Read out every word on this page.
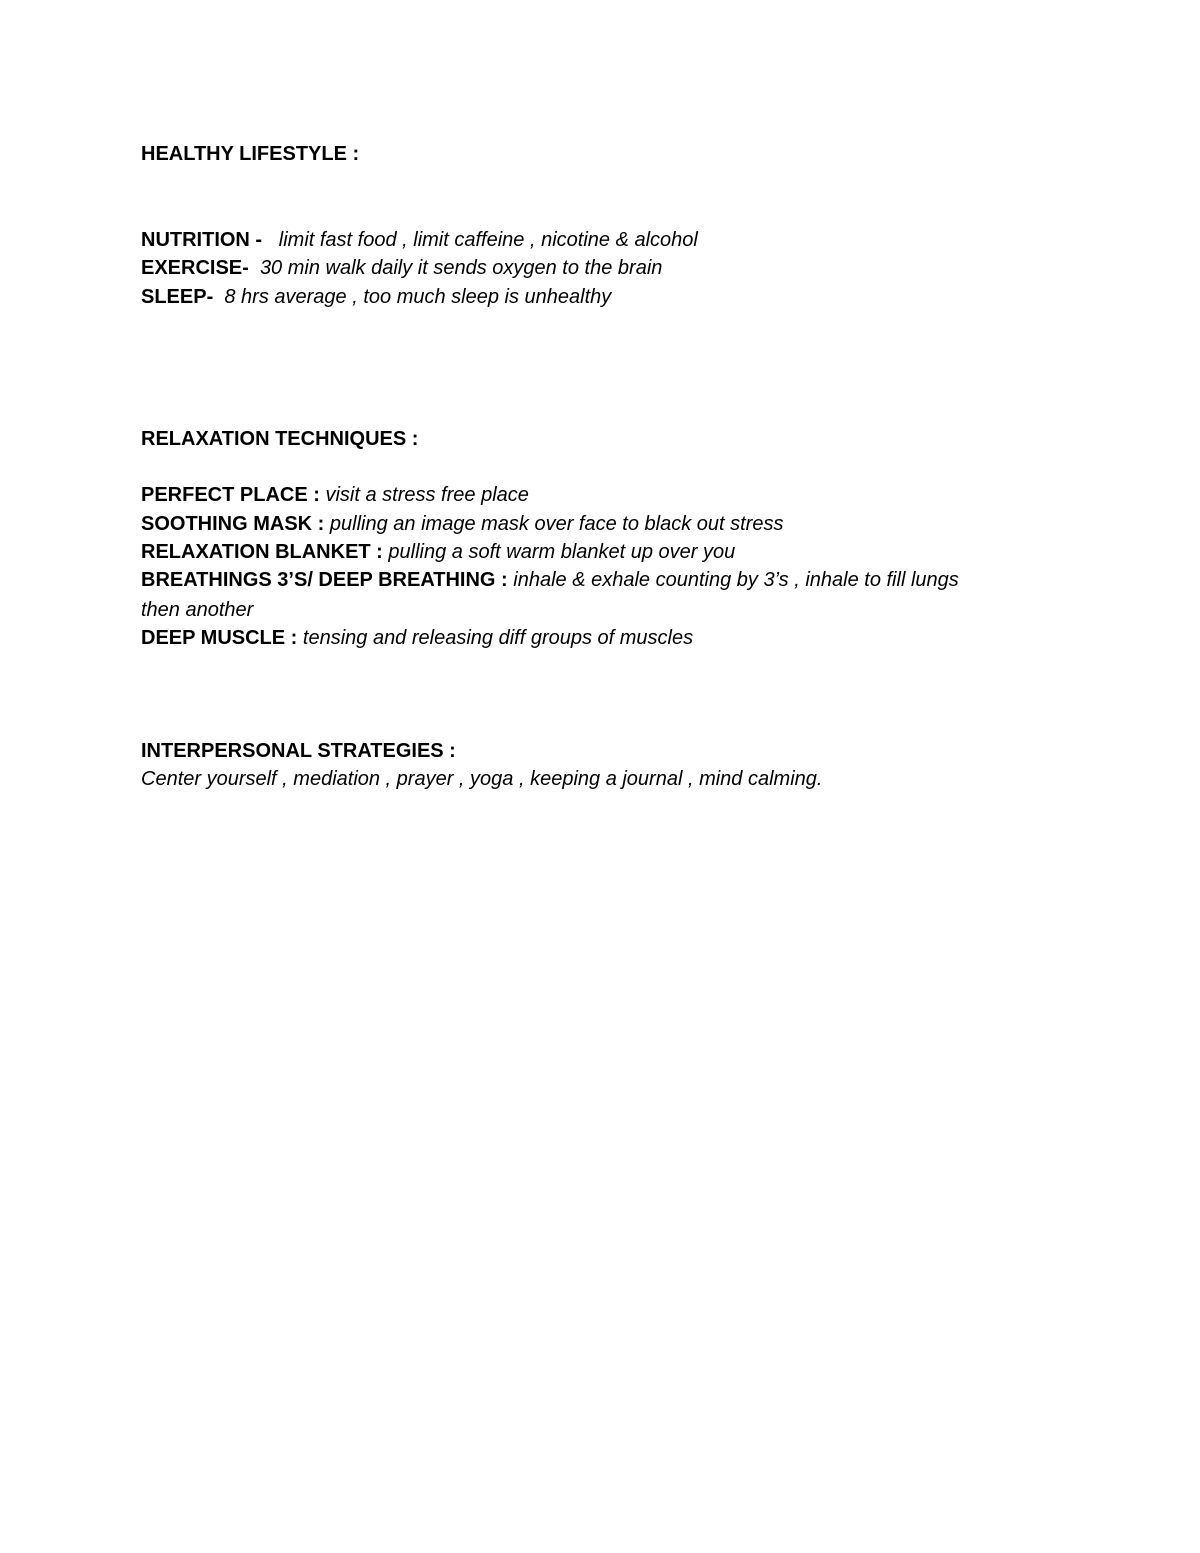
HEALTHY LIFESTYLE :
NUTRITION - limit fast food , limit caffeine , nicotine & alcohol
EXERCISE- 30 min walk daily it sends oxygen to the brain
SLEEP- 8 hrs average , too much sleep is unhealthy
RELAXATION TECHNIQUES :
PERFECT PLACE : visit a stress free place
SOOTHING MASK : pulling an image mask over face to black out stress
RELAXATION BLANKET : pulling a soft warm blanket up over you
BREATHINGS 3’S/ DEEP BREATHING : inhale & exhale counting by 3’s , inhale to fill lungs
then another
DEEP MUSCLE : tensing and releasing diff groups of muscles
INTERPERSONAL STRATEGIES :
Center yourself , mediation , prayer , yoga , keeping a journal , mind calming.
